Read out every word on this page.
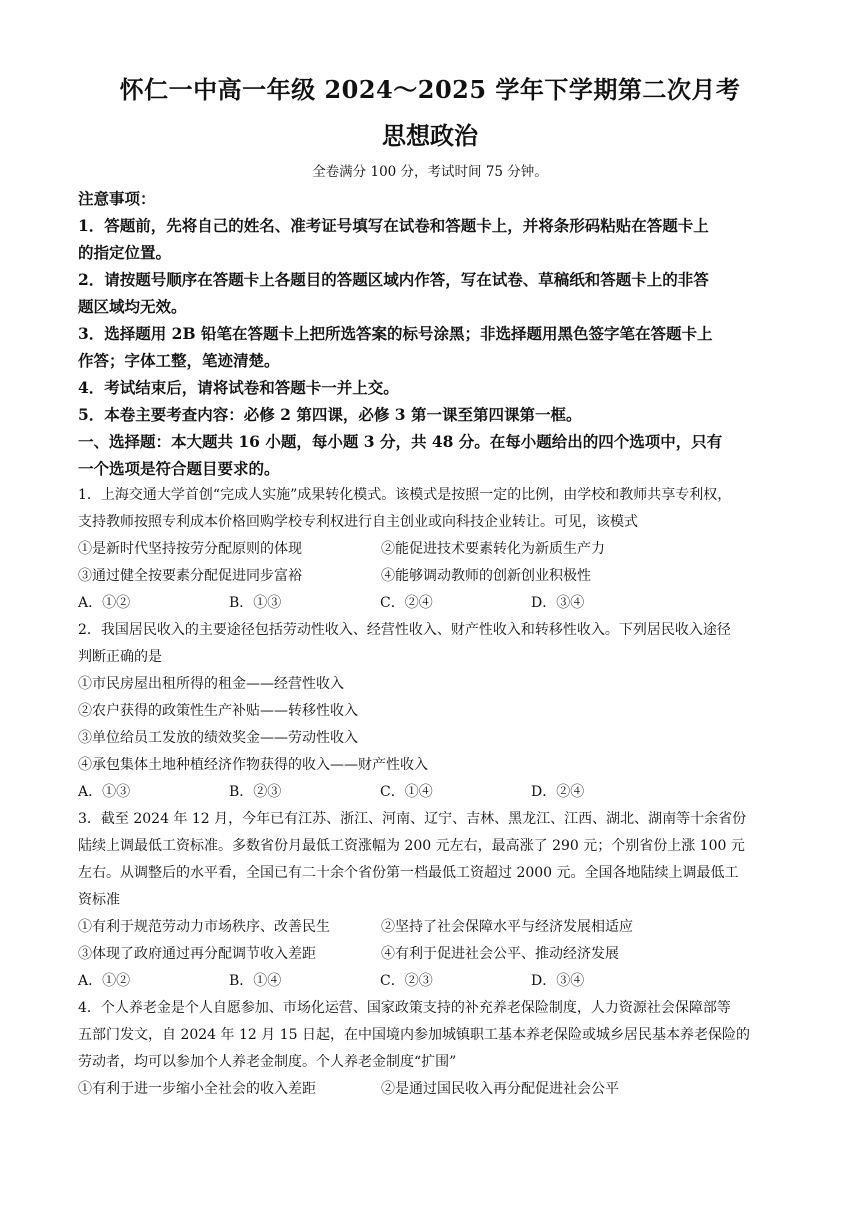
怀仁一中高一年级 2024～2025 学年下学期第二次月考
思想政治
全卷满分 100 分，考试时间 75 分钟。
注意事项：
1．答题前，先将自己的姓名、准考证号填写在试卷和答题卡上，并将条形码粘贴在答题卡上
的指定位置。
2．请按题号顺序在答题卡上各题目的答题区域内作答，写在试卷、草稿纸和答题卡上的非答
题区域均无效。
3．选择题用 2B 铅笔在答题卡上把所选答案的标号涂黑；非选择题用黑色签字笔在答题卡上
作答；字体工整，笔迹清楚。
4．考试结束后，请将试卷和答题卡一并上交。
5．本卷主要考查内容：必修 2 第四课，必修 3 第一课至第四课第一框。
一、选择题：本大题共 16 小题，每小题 3 分，共 48 分。在每小题给出的四个选项中，只有
一个选项是符合题目要求的。
1．上海交通大学首创“完成人实施”成果转化模式。该模式是按照一定的比例，由学校和教师共享专利权，
支持教师按照专利成本价格回购学校专利权进行自主创业或向科技企业转让。可见，该模式
①是新时代坚持按劳分配原则的体现	②能促进技术要素转化为新质生产力
③通过健全按要素分配促进同步富裕	④能够调动教师的创新创业积极性
A．①②	B．①③	C．②④	D．③④
2．我国居民收入的主要途径包括劳动性收入、经营性收入、财产性收入和转移性收入。下列居民收入途径
判断正确的是
①市民房屋出租所得的租金——经营性收入
②农户获得的政策性生产补贴——转移性收入
③单位给员工发放的绩效奖金——劳动性收入
④承包集体土地种植经济作物获得的收入——财产性收入
A．①③	B．②③	C．①④	D．②④
3．截至 2024 年 12 月，今年已有江苏、浙江、河南、辽宁、吉林、黑龙江、江西、湖北、湖南等十余省份
陆续上调最低工资标准。多数省份月最低工资涨幅为 200 元左右，最高涨了 290 元；个别省份上涨 100 元
左右。从调整后的水平看，全国已有二十余个省份第一档最低工资超过 2000 元。全国各地陆续上调最低工
资标准
①有利于规范劳动力市场秩序、改善民生	②坚持了社会保障水平与经济发展相适应
③体现了政府通过再分配调节收入差距	④有利于促进社会公平、推动经济发展
A．①②	B．①④	C．②③	D．③④
4．个人养老金是个人自愿参加、市场化运营、国家政策支持的补充养老保险制度，人力资源社会保障部等
五部门发文，自 2024 年 12 月 15 日起，在中国境内参加城镇职工基本养老保险或城乡居民基本养老保险的
劳动者，均可以参加个人养老金制度。个人养老金制度“扩围”
①有利于进一步缩小全社会的收入差距	②是通过国民收入再分配促进社会公平
